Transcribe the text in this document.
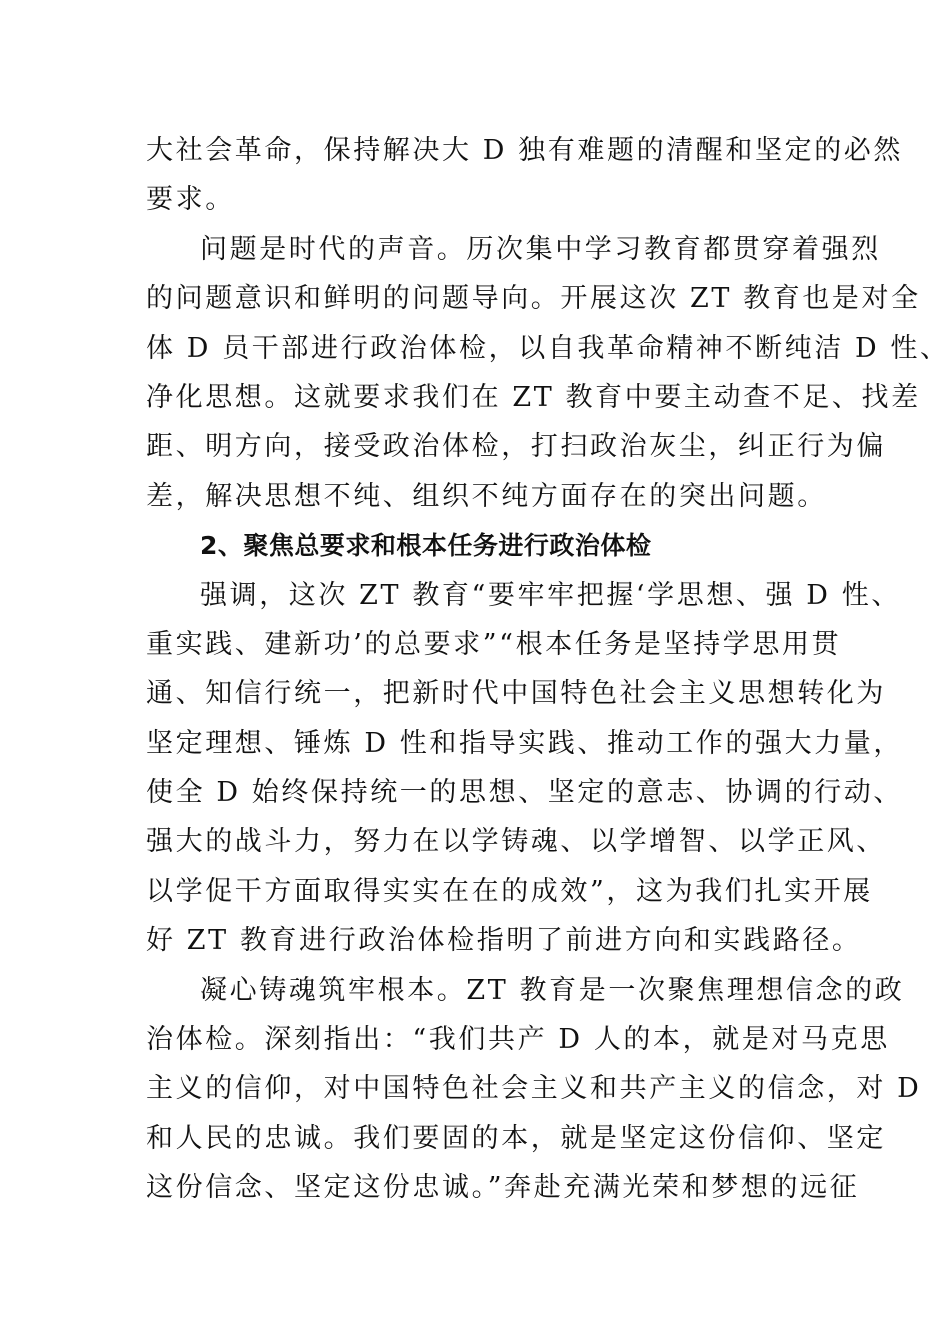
大社会革命，保持解决大 D 独有难题的清醒和坚定的必然
要求。
问题是时代的声音。历次集中学习教育都贯穿着强烈
的问题意识和鲜明的问题导向。开展这次 ZT 教育也是对全
体 D 员干部进行政治体检，以自我革命精神不断纯洁 D 性、
净化思想。这就要求我们在 ZT 教育中要主动查不足、找差
距、明方向，接受政治体检，打扫政治灰尘，纠正行为偏
差，解决思想不纯、组织不纯方面存在的突出问题。
2、聚焦总要求和根本任务进行政治体检
强调，这次 ZT 教育“要牢牢把握‘学思想、强 D 性、
重实践、建新功’的总要求”“根本任务是坚持学思用贯
通、知信行统一，把新时代中国特色社会主义思想转化为
坚定理想、锤炼 D 性和指导实践、推动工作的强大力量，
使全 D 始终保持统一的思想、坚定的意志、协调的行动、
强大的战斗力，努力在以学铸魂、以学增智、以学正风、
以学促干方面取得实实在在的成效”，这为我们扎实开展
好 ZT 教育进行政治体检指明了前进方向和实践路径。
凝心铸魂筑牢根本。ZT 教育是一次聚焦理想信念的政
治体检。深刻指出：“我们共产 D 人的本，就是对马克思
主义的信仰，对中国特色社会主义和共产主义的信念，对 D
和人民的忠诚。我们要固的本，就是坚定这份信仰、坚定
这份信念、坚定这份忠诚。”奔赴充满光荣和梦想的远征
